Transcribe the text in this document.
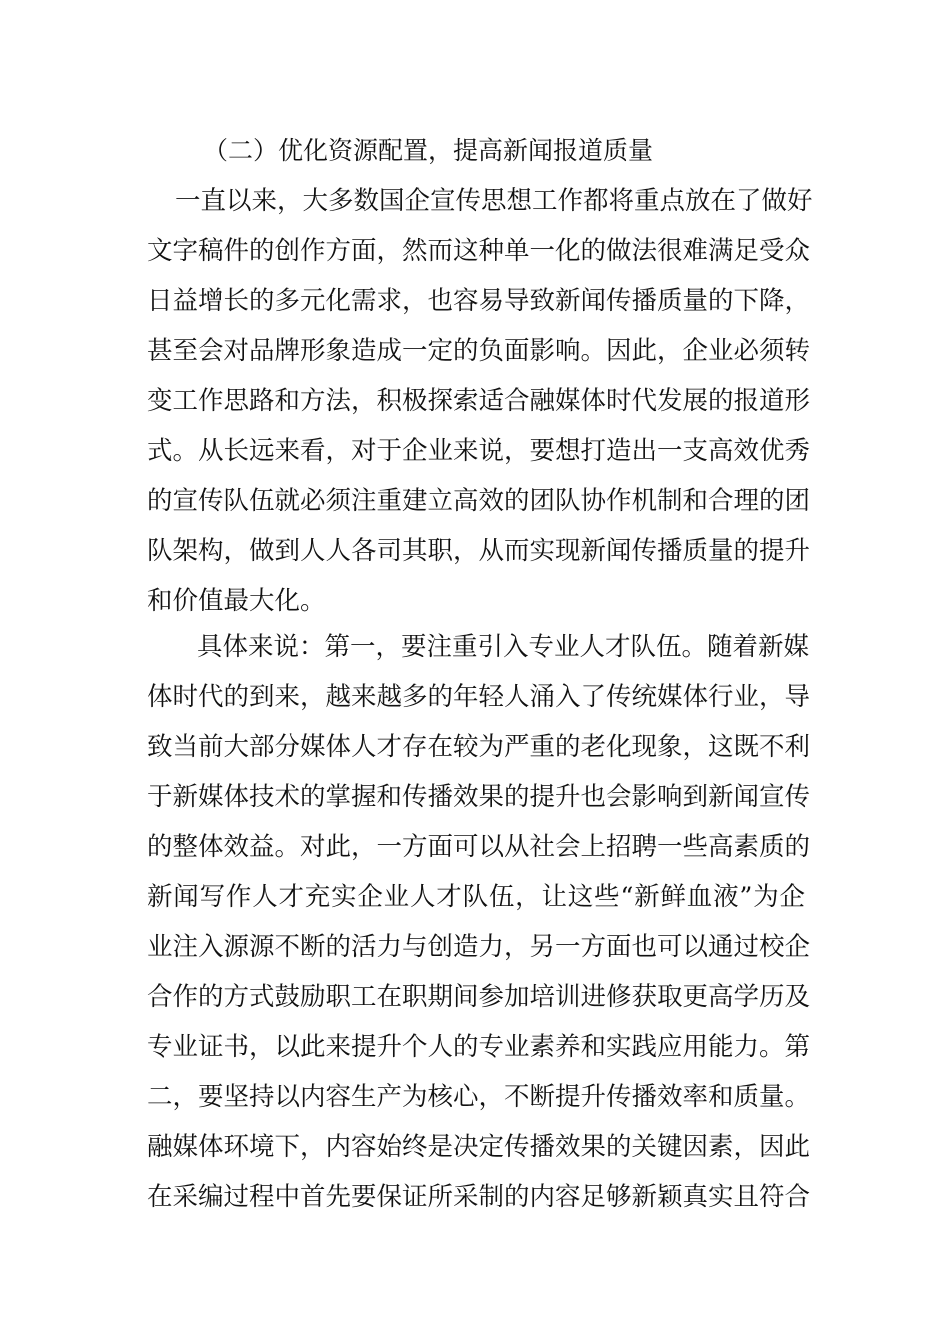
（二）优化资源配置，提高新闻报道质量
一直以来，大多数国企宣传思想工作都将重点放在了做好
文字稿件的创作方面，然而这种单一化的做法很难满足受众
日益增长的多元化需求，也容易导致新闻传播质量的下降，
甚至会对品牌形象造成一定的负面影响。因此，企业必须转
变工作思路和方法，积极探索适合融媒体时代发展的报道形
式。从长远来看，对于企业来说，要想打造出一支高效优秀
的宣传队伍就必须注重建立高效的团队协作机制和合理的团
队架构，做到人人各司其职，从而实现新闻传播质量的提升
和价值最大化。
具体来说：第一，要注重引入专业人才队伍。随着新媒
体时代的到来，越来越多的年轻人涌入了传统媒体行业，导
致当前大部分媒体人才存在较为严重的老化现象，这既不利
于新媒体技术的掌握和传播效果的提升也会影响到新闻宣传
的整体效益。对此，一方面可以从社会上招聘一些高素质的
新闻写作人才充实企业人才队伍，让这些“新鲜血液”为企
业注入源源不断的活力与创造力，另一方面也可以通过校企
合作的方式鼓励职工在职期间参加培训进修获取更高学历及
专业证书，以此来提升个人的专业素养和实践应用能力。第
二，要坚持以内容生产为核心，不断提升传播效率和质量。
融媒体环境下，内容始终是决定传播效果的关键因素，因此
在采编过程中首先要保证所采制的内容足够新颖真实且符合
